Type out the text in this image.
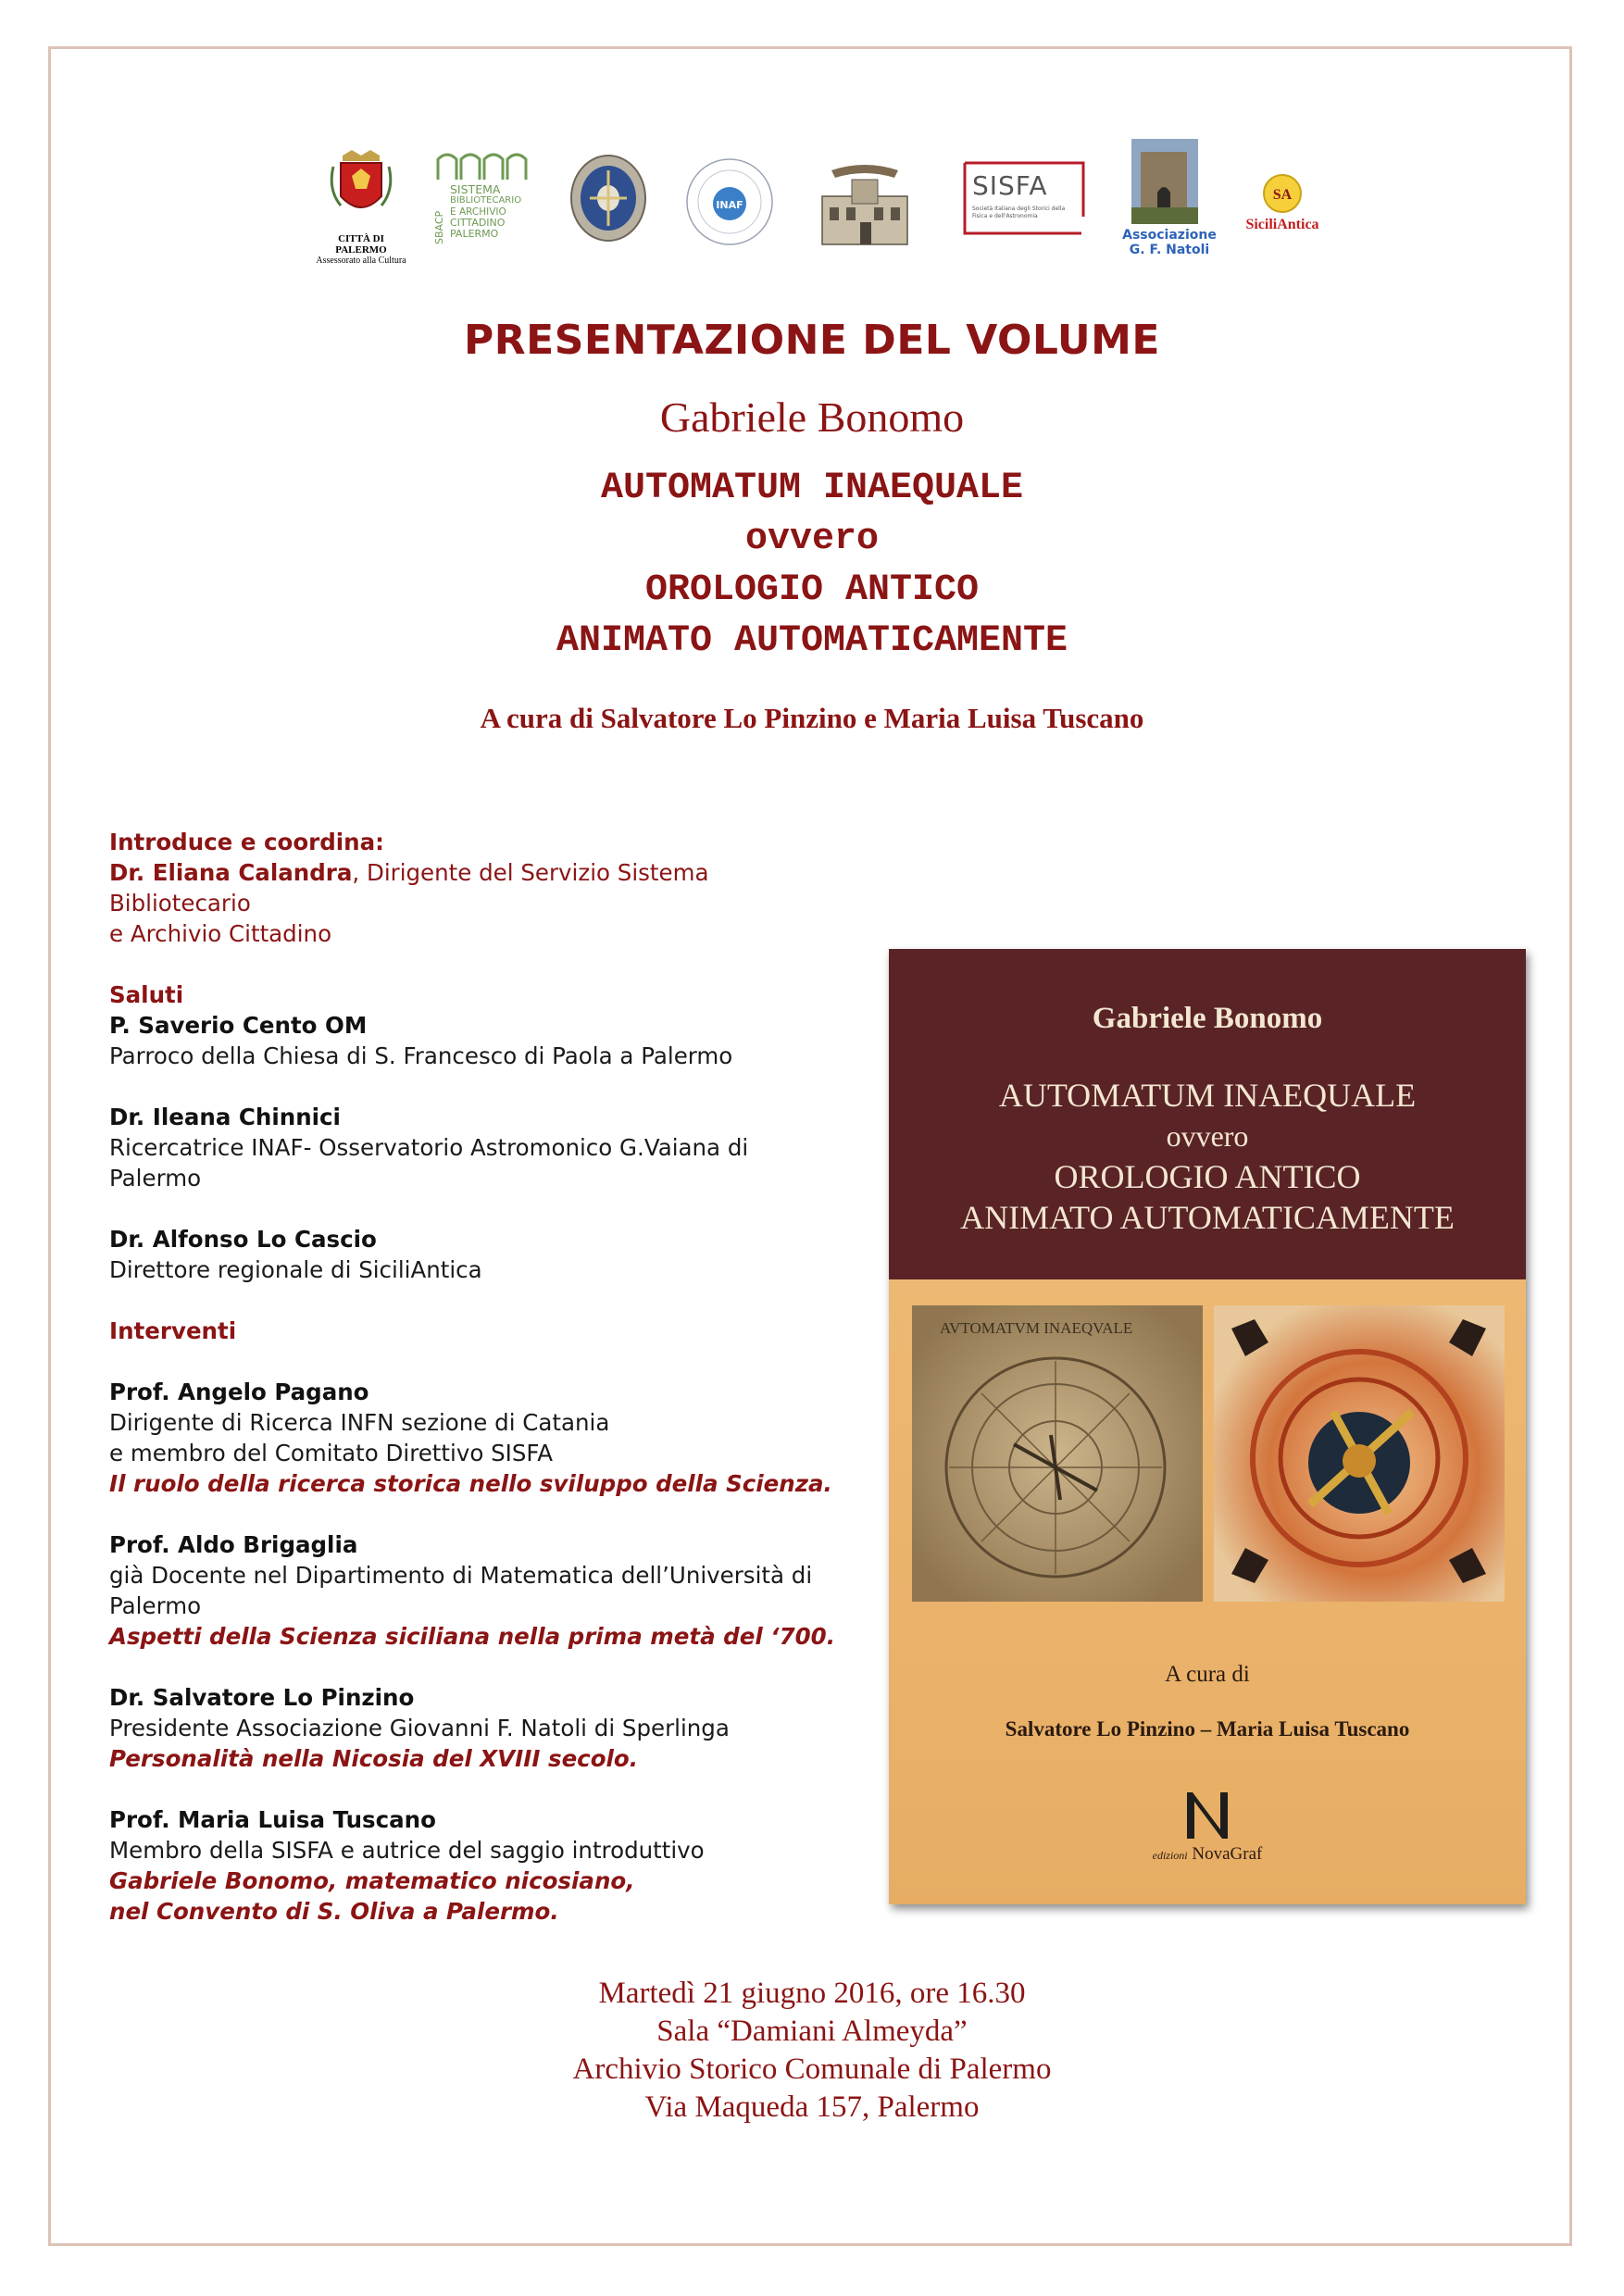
CITTÀ DI PALERMO
Assessorato alla Cultura
SBACP
SISTEMA
BIBLIOTECARIO
E ARCHIVIO
CITTADINO
PALERMO
INAF
SISFA
Società Italiana degli Storici della Fisica e dell'Astronomia
Associazione
G. F. Natoli
SA
SiciliAntica
PRESENTAZIONE DEL VOLUME
Gabriele Bonomo
AUTOMATUM INAEQUALE
ovvero
OROLOGIO ANTICO
ANIMATO AUTOMATICAMENTE
A cura di Salvatore Lo Pinzino e Maria Luisa Tuscano
Introduce e coordina:
Dr. Eliana Calandra, Dirigente del Servizio Sistema Bibliotecario
e Archivio Cittadino
Saluti
P. Saverio Cento OM
Parroco della Chiesa di S. Francesco di Paola a Palermo
Dr. Ileana Chinnici
Ricercatrice INAF- Osservatorio Astromonico G.Vaiana di
Palermo
Dr. Alfonso Lo Cascio
Direttore regionale di SiciliAntica
Interventi
Prof. Angelo Pagano
Dirigente di Ricerca INFN sezione di Catania
e membro del Comitato Direttivo SISFA
Il ruolo della ricerca storica nello sviluppo della Scienza.
Prof. Aldo Brigaglia
già Docente nel Dipartimento di Matematica dell’Università di
Palermo
Aspetti della Scienza siciliana nella prima metà del ‘700.
Dr. Salvatore Lo Pinzino
Presidente Associazione Giovanni F. Natoli di Sperlinga
Personalità nella Nicosia del XVIII secolo.
Prof. Maria Luisa Tuscano
Membro della SISFA e autrice del saggio introduttivo
Gabriele Bonomo, matematico nicosiano,
nel Convento di S. Oliva a Palermo.
Gabriele Bonomo
AUTOMATUM INAEQUALE
ovvero
OROLOGIO ANTICO
ANIMATO AUTOMATICAMENTE
AVTOMATVM INAEQVALE
A cura di
Salvatore Lo Pinzino – Maria Luisa Tuscano
edizioni NovaGraf
Martedì 21 giugno 2016, ore 16.30
Sala “Damiani Almeyda”
Archivio Storico Comunale di Palermo
Via Maqueda 157, Palermo
